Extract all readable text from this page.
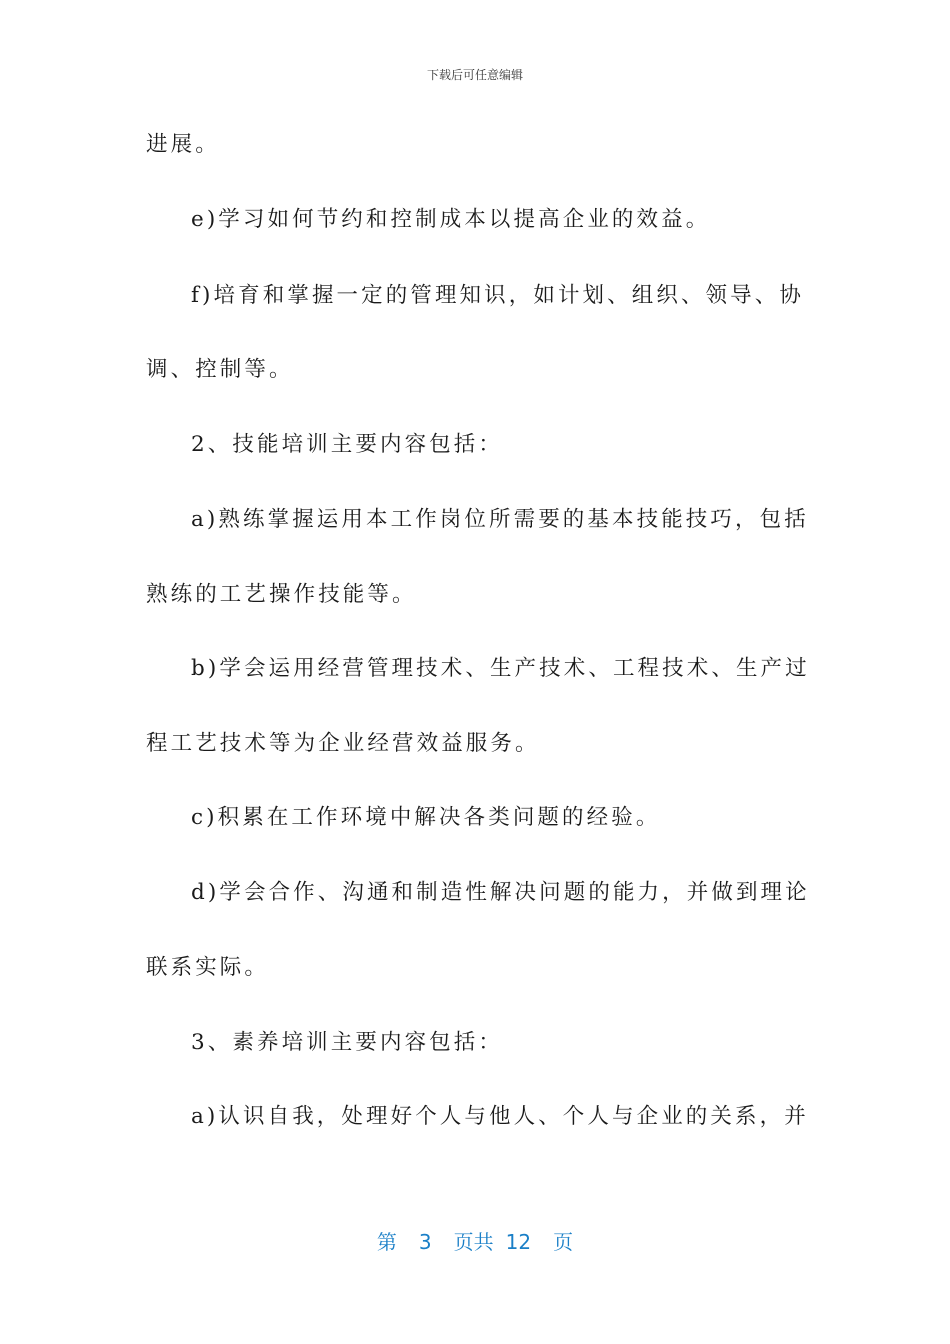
下载后可任意编辑
进展。
e)学习如何节约和控制成本以提高企业的效益。
f)培育和掌握一定的管理知识，如计划、组织、领导、协
调、控制等。
2、技能培训主要内容包括：
a)熟练掌握运用本工作岗位所需要的基本技能技巧，包括
熟练的工艺操作技能等。
b)学会运用经营管理技术、生产技术、工程技术、生产过
程工艺技术等为企业经营效益服务。
c)积累在工作环境中解决各类问题的经验。
d)学会合作、沟通和制造性解决问题的能力，并做到理论
联系实际。
3、素养培训主要内容包括：
a)认识自我，处理好个人与他人、个人与企业的关系，并
第 3 页共 12 页
